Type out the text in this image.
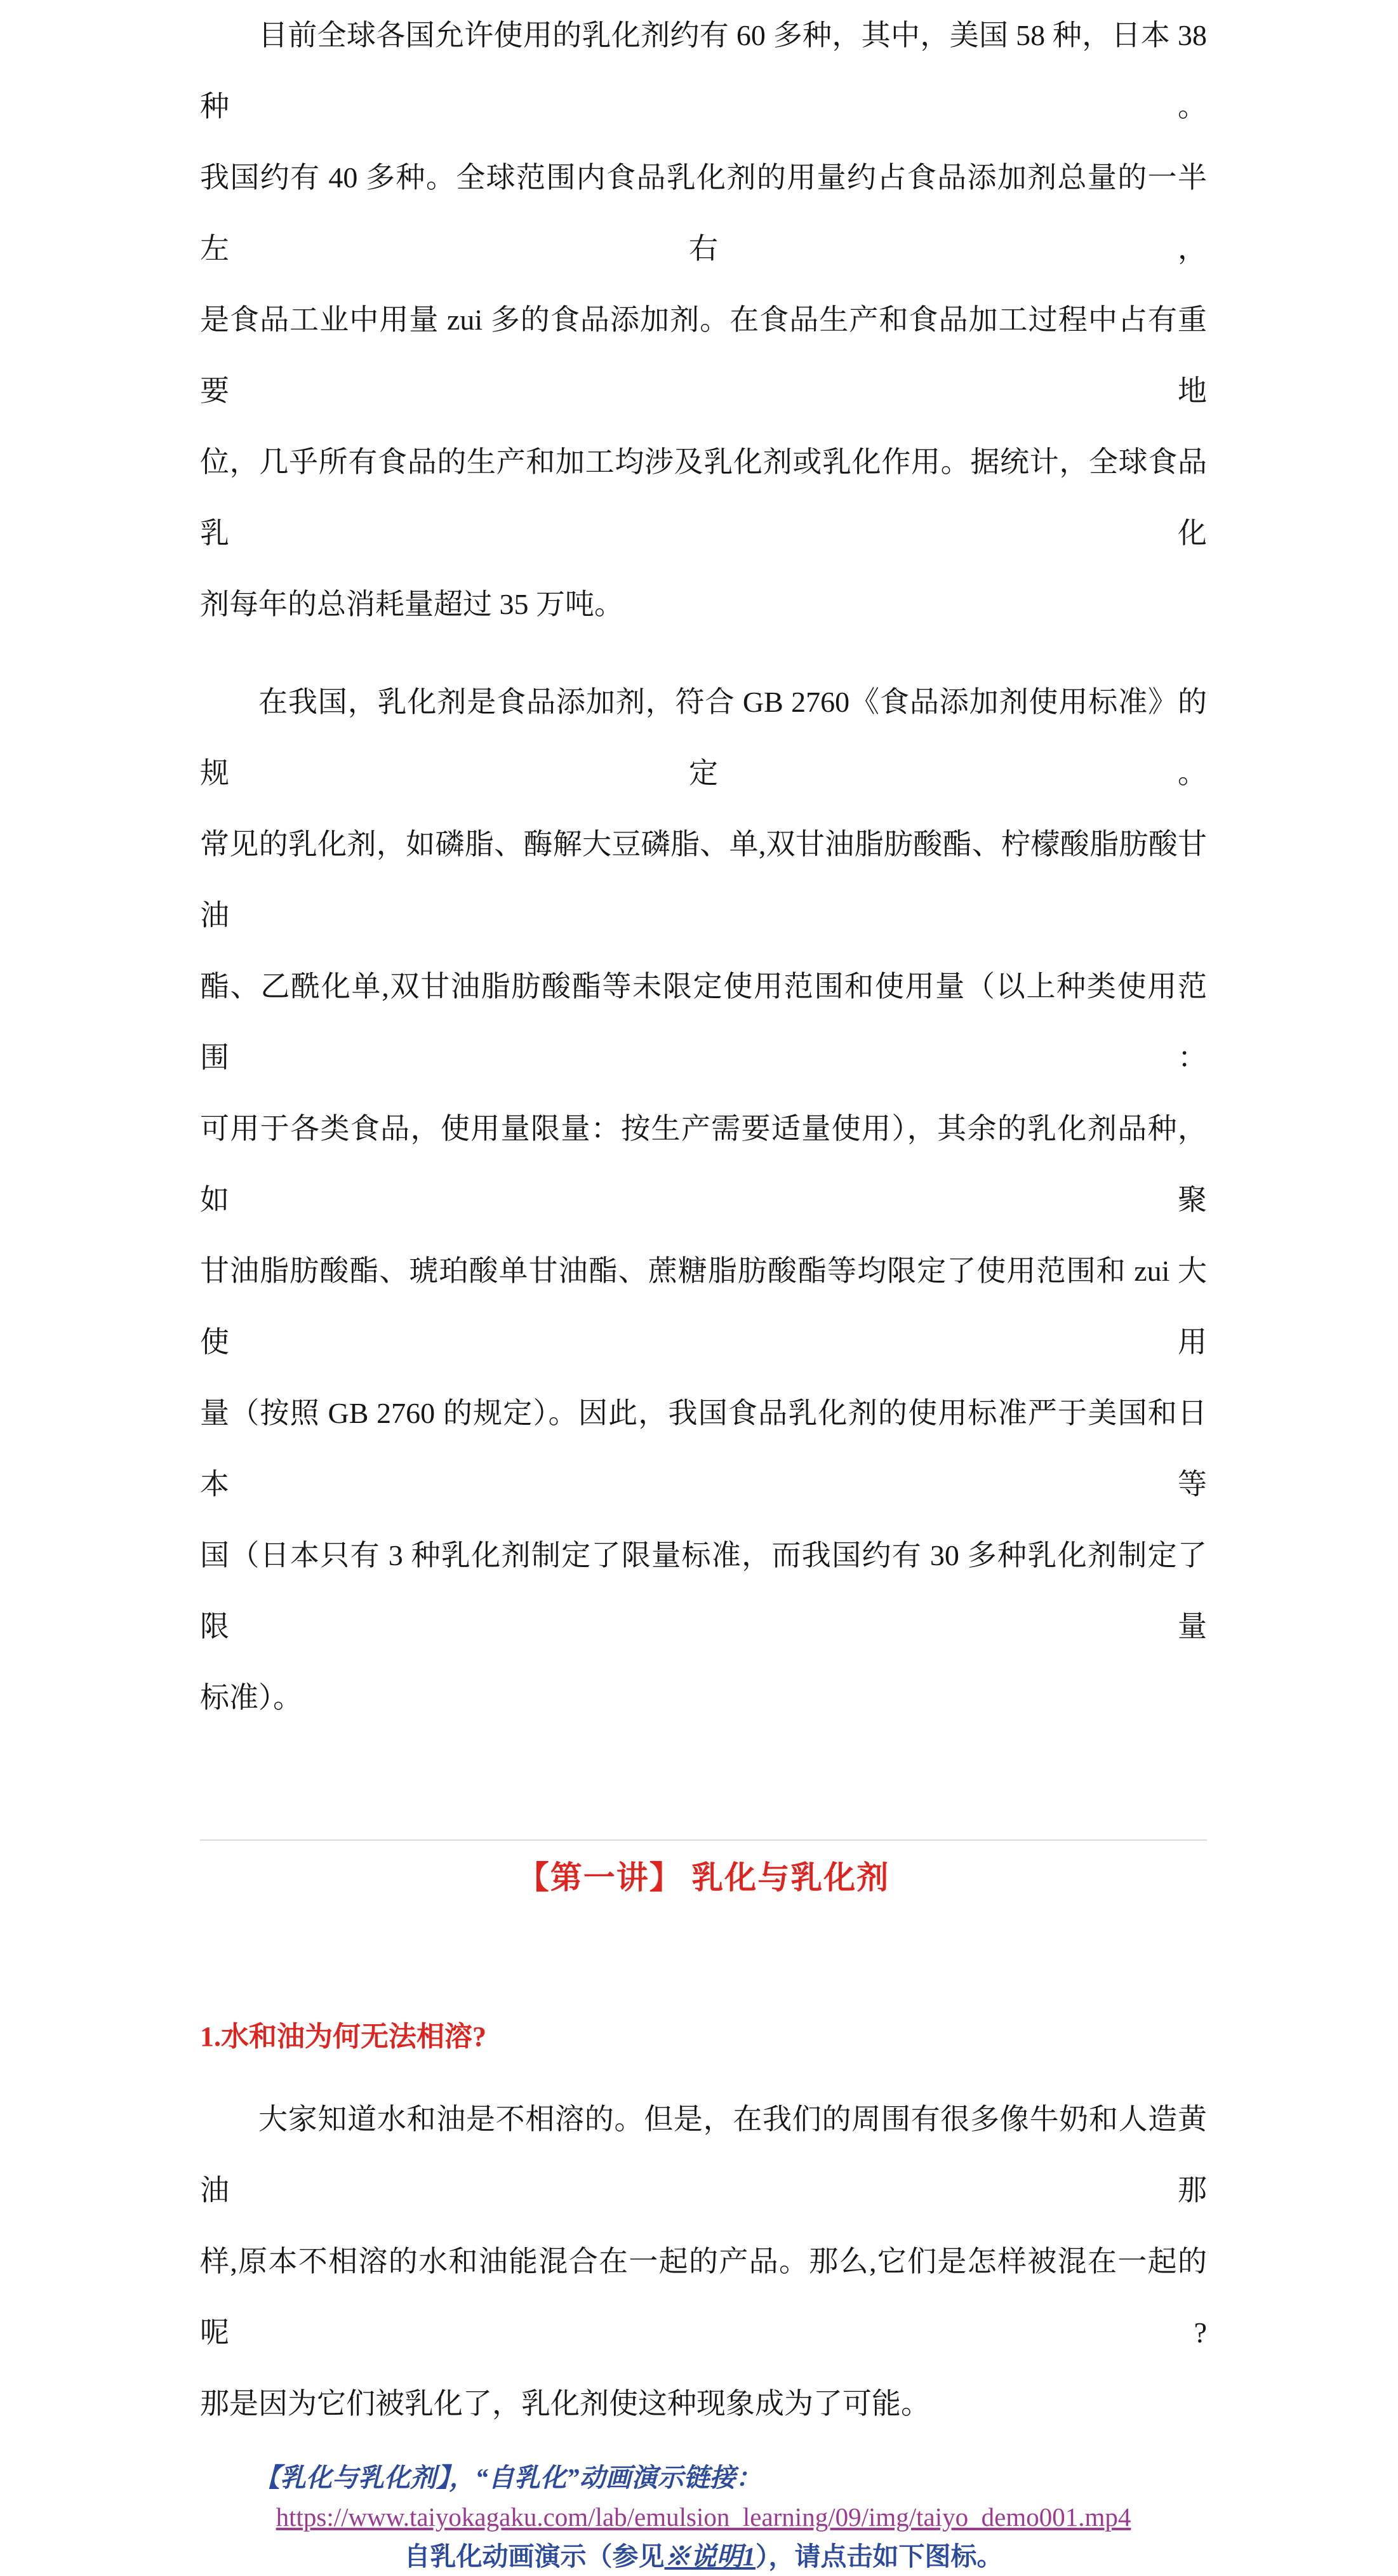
目前全球各国允许使用的乳化剂约有 60 多种，其中，美国 58 种，日本 38 种。
我国约有 40 多种。全球范围内食品乳化剂的用量约占食品添加剂总量的一半左右，
是食品工业中用量 zui 多的食品添加剂。在食品生产和食品加工过程中占有重要地
位，几乎所有食品的生产和加工均涉及乳化剂或乳化作用。据统计，全球食品乳化
剂每年的总消耗量超过 35 万吨。
在我国，乳化剂是食品添加剂，符合 GB 2760《食品添加剂使用标准》的规定。
常见的乳化剂，如磷脂、酶解大豆磷脂、单,双甘油脂肪酸酯、柠檬酸脂肪酸甘油
酯、乙酰化单,双甘油脂肪酸酯等未限定使用范围和使用量（以上种类使用范围：
可用于各类食品，使用量限量：按生产需要适量使用），其余的乳化剂品种，如聚
甘油脂肪酸酯、琥珀酸单甘油酯、蔗糖脂肪酸酯等均限定了使用范围和 zui 大使用
量（按照 GB 2760 的规定）。因此，我国食品乳化剂的使用标准严于美国和日本等
国（日本只有 3 种乳化剂制定了限量标准，而我国约有 30 多种乳化剂制定了限量
标准）。
【第一讲】 乳化与乳化剂
1.水和油为何无法相溶?
大家知道水和油是不相溶的。但是，在我们的周围有很多像牛奶和人造黄油那
样,原本不相溶的水和油能混合在一起的产品。那么,它们是怎样被混在一起的呢?
那是因为它们被乳化了，乳化剂使这种现象成为了可能。
【乳化与乳化剂】，“自乳化”动画演示链接：
https://www.taiyokagaku.com/lab/emulsion_learning/09/img/taiyo_demo001.mp4
自乳化动画演示（参见※说明1），请点击如下图标。
